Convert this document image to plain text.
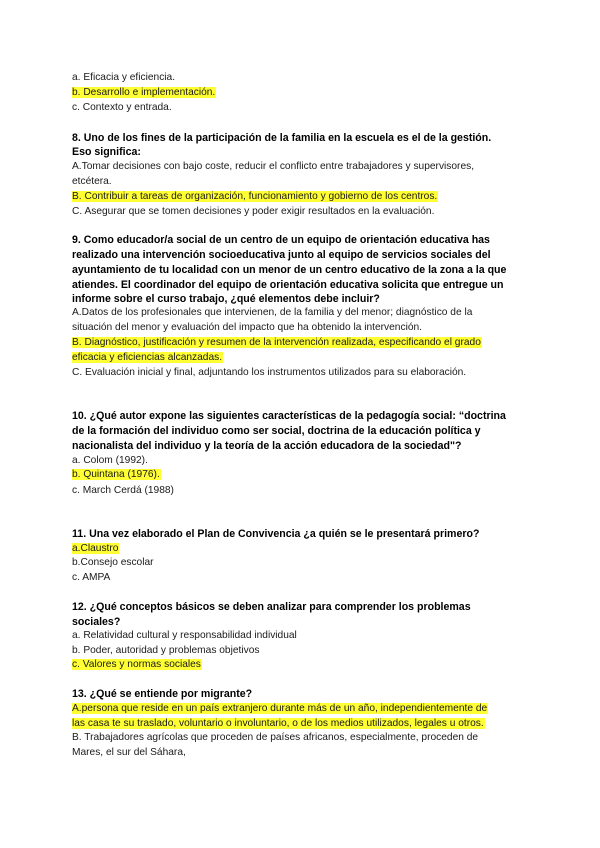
a. Eficacia y eficiencia.
b. Desarrollo e implementación.
c. Contexto y entrada.
8. Uno de los fines de la participación de la familia en la escuela es el de la gestión.
Eso significa:
A.Tomar decisiones con bajo coste, reducir el conflicto entre trabajadores y supervisores,
etcétera.
B. Contribuir a tareas de organización, funcionamiento y gobierno de los centros.
C. Asegurar que se tomen decisiones y poder exigir resultados en la evaluación.
9. Como educador/a social de un centro de un equipo de orientación educativa has
realizado una intervención socioeducativa junto al equipo de servicios sociales del
ayuntamiento de tu localidad con un menor de un centro educativo de la zona a la que
atiendes. El coordinador del equipo de orientación educativa solicita que entregue un
informe sobre el curso trabajo, ¿qué elementos debe incluir?
A.Datos de los profesionales que intervienen, de la familia y del menor; diagnóstico de la
situación del menor y evaluación del impacto que ha obtenido la intervención.
B. Diagnóstico, justificación y resumen de la intervención realizada, especificando el grado
eficacia y eficiencias alcanzadas.
C. Evaluación inicial y final, adjuntando los instrumentos utilizados para su elaboración.
10. ¿Qué autor expone las siguientes características de la pedagogía social: “doctrina
de la formación del individuo como ser social, doctrina de la educación política y
nacionalista del individuo y la teoría de la acción educadora de la sociedad"?
a. Colom (1992).
b. Quintana (1976).
c. March Cerdá (1988)
11. Una vez elaborado el Plan de Convivencia ¿a quién se le presentará primero?
a.Claustro
b.Consejo escolar
c. AMPA
12. ¿Qué conceptos básicos se deben analizar para comprender los problemas
sociales?
a. Relatividad cultural y responsabilidad individual
b. Poder, autoridad y problemas objetivos
c. Valores y normas sociales
13. ¿Qué se entiende por migrante?
A.persona que reside en un país extranjero durante más de un año, independientemente de
las casa te su traslado, voluntario o involuntario, o de los medios utilizados, legales u otros.
B. Trabajadores agrícolas que proceden de países africanos, especialmente, proceden de
Mares, el sur del Sáhara,
